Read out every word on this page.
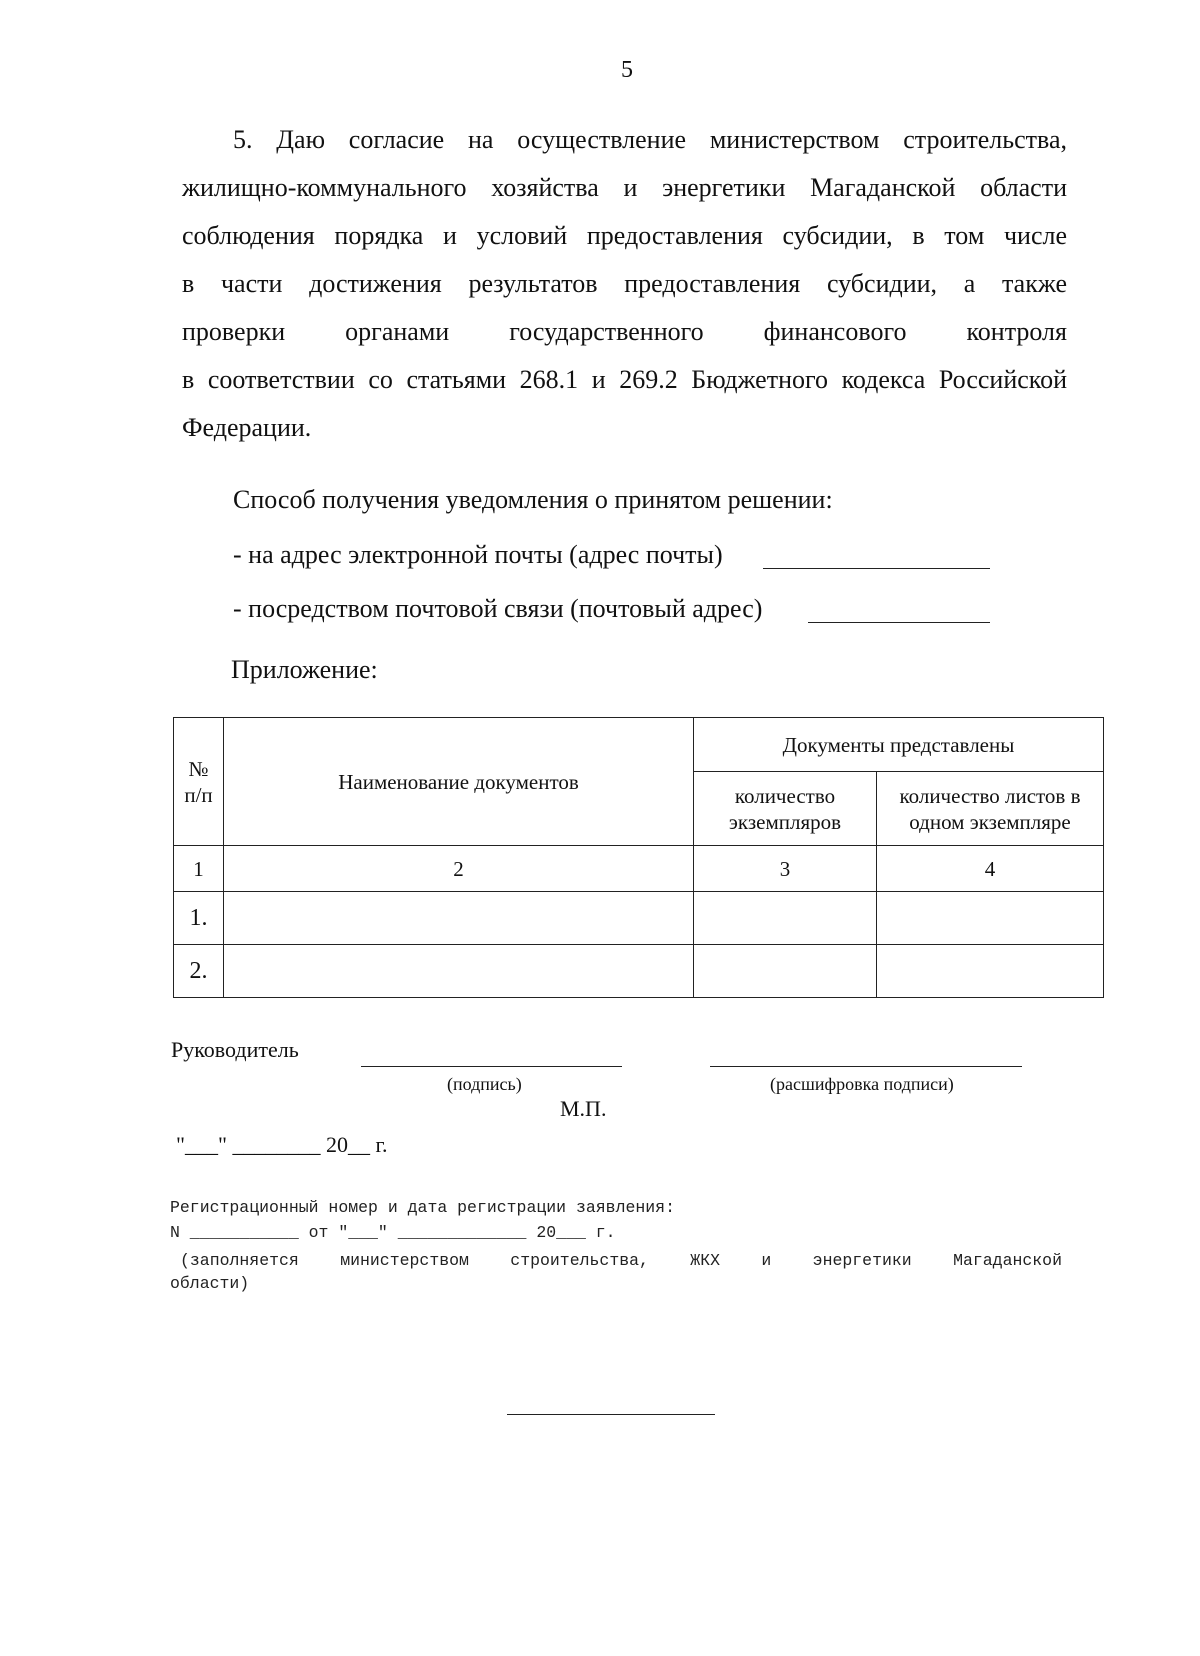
5
5. Даю согласие на осуществление министерством строительства,
жилищно-коммунального хозяйства и энергетики Магаданской области
соблюдения порядка и условий предоставления субсидии, в том числе
в части достижения результатов предоставления субсидии, а также
проверки органами государственного финансового контроля
в соответствии со статьями 268.1 и 269.2 Бюджетного кодекса Российской
Федерации.
Способ получения уведомления о принятом решении:
- на адрес электронной почты (адрес почты)
- посредством почтовой связи (почтовый адрес)
Приложение:
№ п/п	Наименование документов	Документы представлены	
		количество экземпляров	количество листов в одном экземпляре
1	2	3	4
1.			
2.			
Руководитель
(подпись)	(расшифровка подписи)
М.П.
"___" ________ 20__ г.
Регистрационный номер и дата регистрации заявления:
N ___________ от "___" _____________ 20___ г.
(заполняется министерством строительства, ЖКХ и энергетики Магаданской
области)
